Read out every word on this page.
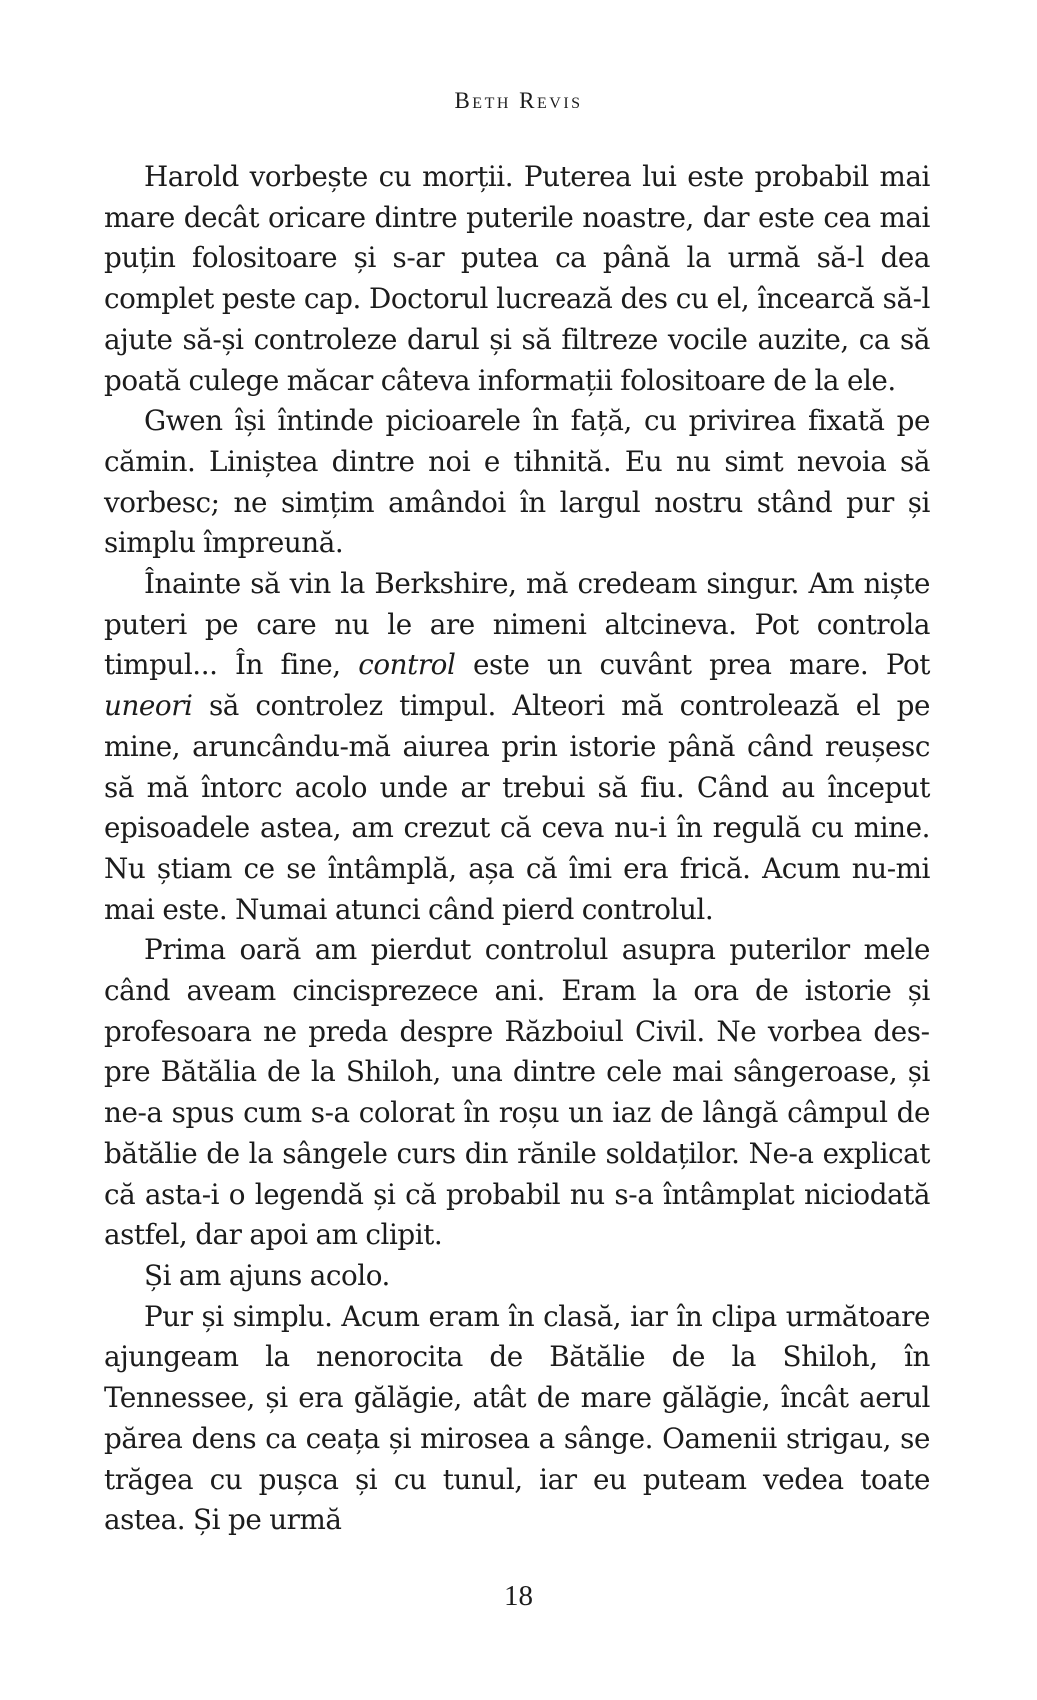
Beth Revis

Harold vorbește cu morții. Puterea lui este probabil mai mare decât oricare dintre puterile noastre, dar este cea mai puțin folositoare și s-ar putea ca până la urmă să-l dea complet peste cap. Doctorul lucrează des cu el, încearcă să-l ajute să-și controleze darul și să filtreze vocile auzite, ca să poată culege măcar câteva informații folositoare de la ele.

Gwen își întinde picioarele în față, cu privirea fixată pe cămin. Liniștea dintre noi e tihnită. Eu nu simt nevoia să vorbesc; ne simțim amândoi în largul nostru stând pur și simplu împreună.

Înainte să vin la Berkshire, mă credeam singur. Am niște puteri pe care nu le are nimeni altcineva. Pot controla timpul... În fine, control este un cuvânt prea mare. Pot uneori să controlez timpul. Alteori mă controlează el pe mine, aruncându-mă aiurea prin istorie până când reușesc să mă întorc acolo unde ar trebui să fiu. Când au început episoadele astea, am crezut că ceva nu-i în regulă cu mine. Nu știam ce se întâmplă, așa că îmi era frică. Acum nu-mi mai este. Numai atunci când pierd controlul.

Prima oară am pierdut controlul asupra puterilor mele când aveam cincisprezece ani. Eram la ora de istorie și profesoara ne preda despre Războiul Civil. Ne vorbea despre Bătălia de la Shiloh, una dintre cele mai sângeroase, și ne-a spus cum s-a colorat în roșu un iaz de lângă câmpul de bătălie de la sângele curs din rănile soldaților. Ne-a explicat că asta-i o legendă și că probabil nu s-a întâmplat niciodată astfel, dar apoi am clipit.

Și am ajuns acolo.

Pur și simplu. Acum eram în clasă, iar în clipa următoare ajungeam la nenorocita de Bătălie de la Shiloh, în Tennessee, și era gălăgie, atât de mare gălăgie, încât aerul părea dens ca ceața și mirosea a sânge. Oamenii strigau, se trăgea cu pușca și cu tunul, iar eu puteam vedea toate astea. Și pe urmă

18
